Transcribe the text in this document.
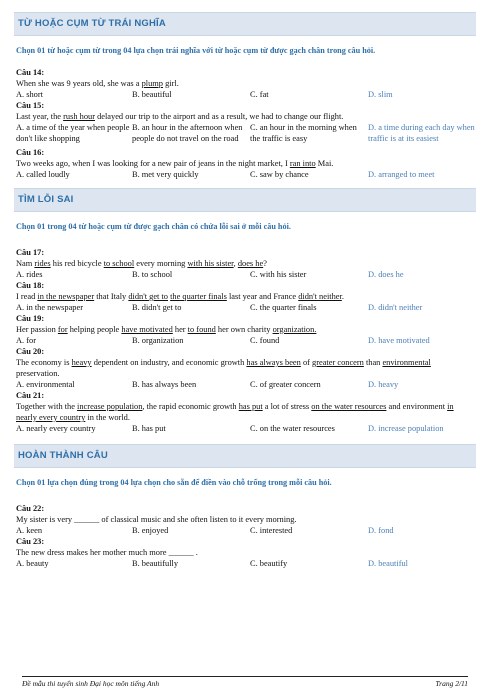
TỪ HOẶC CỤM TỪ TRÁI NGHĨA
Chọn 01 từ hoặc cụm từ trong 04 lựa chọn trái nghĩa với từ hoặc cụm từ được gạch chân trong câu hỏi.
Câu 14:
When she was 9 years old, she was a plump girl.
A. short	B. beautiful	C. fat	D. slim
Câu 15:
Last year, the rush hour delayed our trip to the airport and as a result, we had to change our flight.
A. a time of the year when people don't like shopping
B. an hour in the afternoon when people do not travel on the road
C. an hour in the morning when the traffic is easy
D. a time during each day when traffic is at its easiest
Câu 16:
Two weeks ago, when I was looking for a new pair of jeans in the night market, I ran into Mai.
A. called loudly	B. met very quickly	C. saw by chance	D. arranged to meet
TÌM LỖI SAI
Chọn 01 trong 04 từ hoặc cụm từ được gạch chân có chứa lỗi sai ở mỗi câu hỏi.
Câu 17:
Nam rides his red bicycle to school every morning with his sister, does he?
A. rides	B. to school	C. with his sister	D. does he
Câu 18:
I read in the newspaper that Italy didn't get to the quarter finals last year and France didn't neither.
A. in the newspaper	B. didn't get to	C. the quarter finals	D. didn't neither
Câu 19:
Her passion for helping people have motivated her to found her own charity organization.
A. for	B. organization	C. found	D. have motivated
Câu 20:
The economy is heavy dependent on industry, and economic growth has always been of greater concern than environmental preservation.
A. environmental	B. has always been	C. of greater concern	D. heavy
Câu 21:
Together with the increase population, the rapid economic growth has put a lot of stress on the water resources and environment in nearly every country in the world.
A. nearly every country	B. has put	C. on the water resources	D. increase population
HOÀN THÀNH CÂU
Chọn 01 lựa chọn đúng trong 04 lựa chọn cho sẵn để điền vào chỗ trống trong mỗi câu hỏi.
Câu 22:
My sister is very ______ of classical music and she often listen to it every morning.
A. keen	B. enjoyed	C. interested	D. fond
Câu 23:
The new dress makes her mother much more ______ .
A. beauty	B. beautifully	C. beautify	D. beautiful
Đề mẫu thi tuyển sinh Đại học môn tiếng Anh	Trang 2/11
